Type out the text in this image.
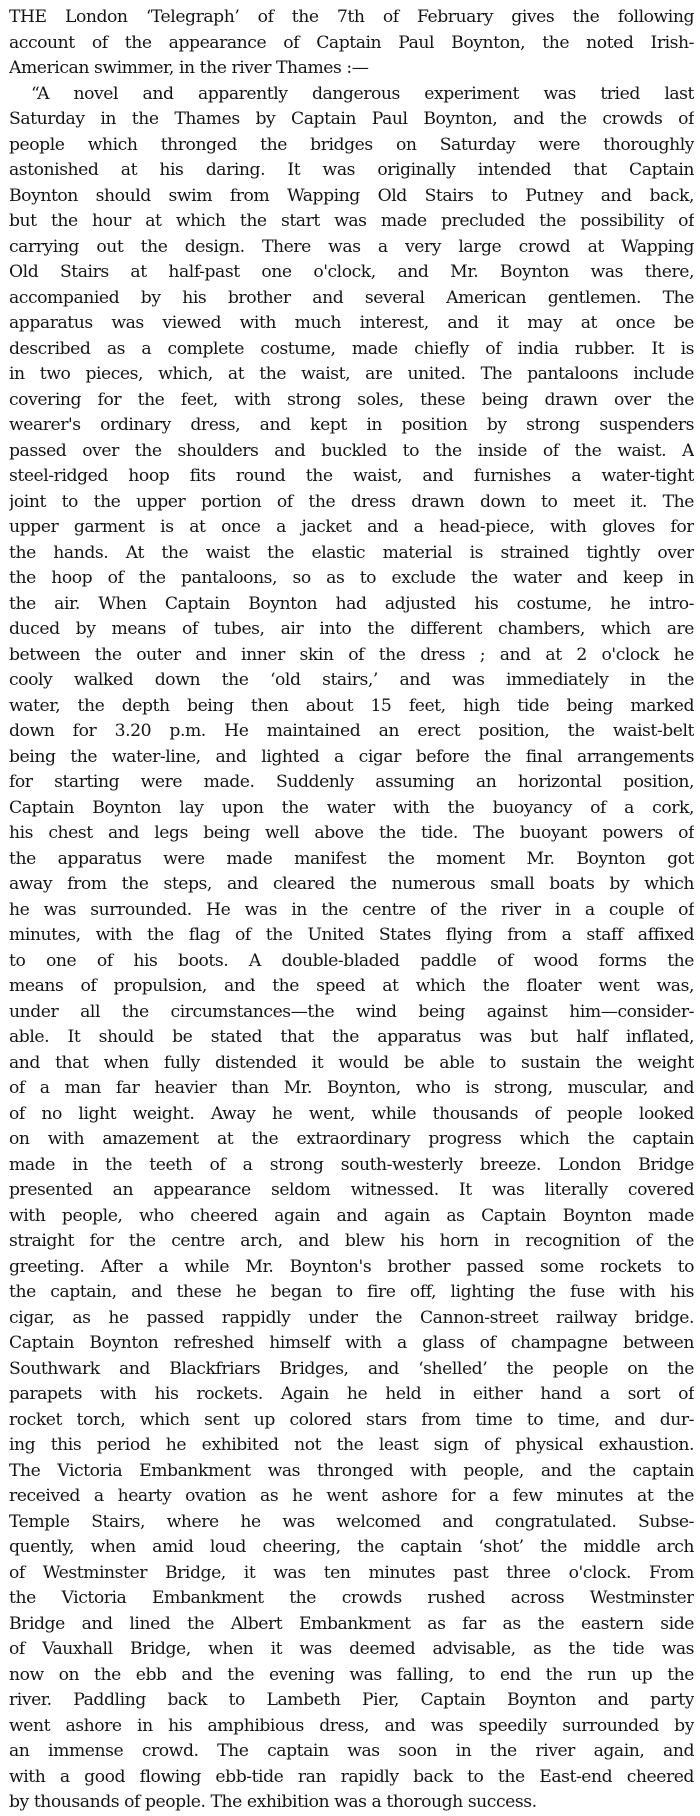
THE London ‘Telegraph’ of the 7th of February gives the following
account of the appearance of Captain Paul Boynton, the noted Irish-
American swimmer, in the river Thames :—
“A novel and apparently dangerous experiment was tried last
Saturday in the Thames by Captain Paul Boynton, and the crowds of
people which thronged the bridges on Saturday were thoroughly
astonished at his daring. It was originally intended that Captain
Boynton should swim from Wapping Old Stairs to Putney and back,
but the hour at which the start was made precluded the possibility of
carrying out the design. There was a very large crowd at Wapping
Old Stairs at half-past one o'clock, and Mr. Boynton was there,
accompanied by his brother and several American gentlemen. The
apparatus was viewed with much interest, and it may at once be
described as a complete costume, made chiefly of india rubber. It is
in two pieces, which, at the waist, are united. The pantaloons include
covering for the feet, with strong soles, these being drawn over the
wearer's ordinary dress, and kept in position by strong suspenders
passed over the shoulders and buckled to the inside of the waist. A
steel-ridged hoop fits round the waist, and furnishes a water-tight
joint to the upper portion of the dress drawn down to meet it. The
upper garment is at once a jacket and a head-piece, with gloves for
the hands. At the waist the elastic material is strained tightly over
the hoop of the pantaloons, so as to exclude the water and keep in
the air. When Captain Boynton had adjusted his costume, he intro-
duced by means of tubes, air into the different chambers, which are
between the outer and inner skin of the dress ; and at 2 o'clock he
cooly walked down the ‘old stairs,’ and was immediately in the
water, the depth being then about 15 feet, high tide being marked
down for 3.20 p.m. He maintained an erect position, the waist-belt
being the water-line, and lighted a cigar before the final arrangements
for starting were made. Suddenly assuming an horizontal position,
Captain Boynton lay upon the water with the buoyancy of a cork,
his chest and legs being well above the tide. The buoyant powers of
the apparatus were made manifest the moment Mr. Boynton got
away from the steps, and cleared the numerous small boats by which
he was surrounded. He was in the centre of the river in a couple of
minutes, with the flag of the United States flying from a staff affixed
to one of his boots. A double-bladed paddle of wood forms the
means of propulsion, and the speed at which the floater went was,
under all the circumstances—the wind being against him—consider-
able. It should be stated that the apparatus was but half inflated,
and that when fully distended it would be able to sustain the weight
of a man far heavier than Mr. Boynton, who is strong, muscular, and
of no light weight. Away he went, while thousands of people looked
on with amazement at the extraordinary progress which the captain
made in the teeth of a strong south-westerly breeze. London Bridge
presented an appearance seldom witnessed. It was literally covered
with people, who cheered again and again as Captain Boynton made
straight for the centre arch, and blew his horn in recognition of the
greeting. After a while Mr. Boynton's brother passed some rockets to
the captain, and these he began to fire off, lighting the fuse with his
cigar, as he passed rappidly under the Cannon-street railway bridge.
Captain Boynton refreshed himself with a glass of champagne between
Southwark and Blackfriars Bridges, and ‘shelled’ the people on the
parapets with his rockets. Again he held in either hand a sort of
rocket torch, which sent up colored stars from time to time, and dur-
ing this period he exhibited not the least sign of physical exhaustion.
The Victoria Embankment was thronged with people, and the captain
received a hearty ovation as he went ashore for a few minutes at the
Temple Stairs, where he was welcomed and congratulated. Subse-
quently, when amid loud cheering, the captain ‘shot’ the middle arch
of Westminster Bridge, it was ten minutes past three o'clock. From
the Victoria Embankment the crowds rushed across Westminster
Bridge and lined the Albert Embankment as far as the eastern side
of Vauxhall Bridge, when it was deemed advisable, as the tide was
now on the ebb and the evening was falling, to end the run up the
river. Paddling back to Lambeth Pier, Captain Boynton and party
went ashore in his amphibious dress, and was speedily surrounded by
an immense crowd. The captain was soon in the river again, and
with a good flowing ebb-tide ran rapidly back to the East-end cheered
by thousands of people. The exhibition was a thorough success.
